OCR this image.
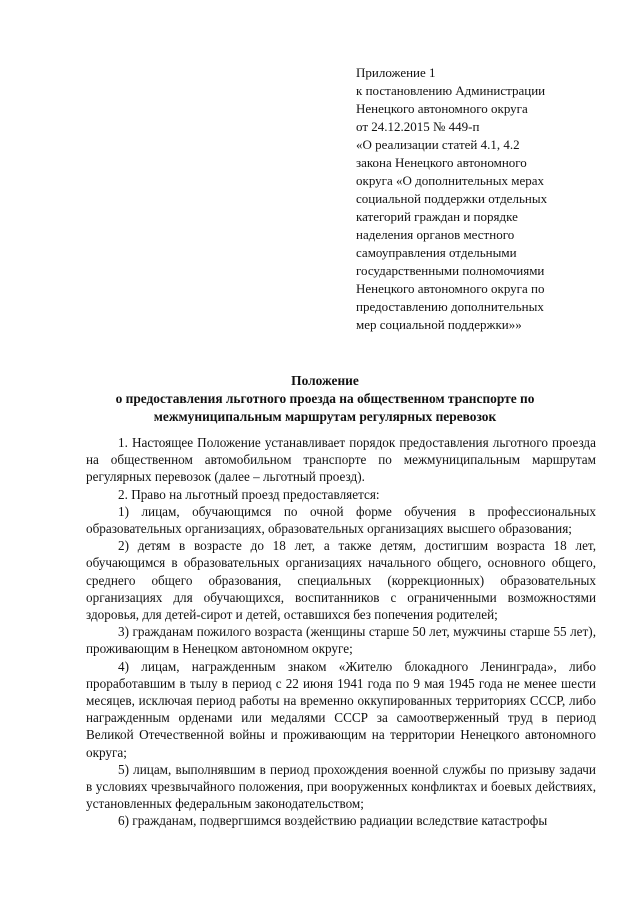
Приложение 1
к постановлению Администрации
Ненецкого автономного округа
от 24.12.2015 № 449-п
«О реализации статей 4.1, 4.2
закона Ненецкого автономного
округа «О дополнительных мерах
социальной поддержки отдельных
категорий граждан и порядке
наделения органов местного
самоуправления отдельными
государственными полномочиями
Ненецкого автономного округа по
предоставлению дополнительных
мер социальной поддержки»»
Положение
о предоставления льготного проезда на общественном транспорте по
межмуниципальным маршрутам регулярных перевозок

1. Настоящее Положение устанавливает порядок предоставления льготного проезда на общественном автомобильном транспорте по межмуниципальным маршрутам регулярных перевозок (далее – льготный проезд).

2. Право на льготный проезд предоставляется:

1) лицам, обучающимся по очной форме обучения в профессиональных образовательных организациях, образовательных организациях высшего образования;

2) детям в возрасте до 18 лет, а также детям, достигшим возраста 18 лет, обучающимся в образовательных организациях начального общего, основного общего, среднего общего образования, специальных (коррекционных) образовательных организациях для обучающихся, воспитанников с ограниченными возможностями здоровья, для детей-сирот и детей, оставшихся без попечения родителей;

3) гражданам пожилого возраста (женщины старше 50 лет, мужчины старше 55 лет), проживающим в Ненецком автономном округе;

4) лицам, награжденным знаком «Жителю блокадного Ленинграда», либо проработавшим в тылу в период с 22 июня 1941 года по 9 мая 1945 года не менее шести месяцев, исключая период работы на временно оккупированных территориях СССР, либо награжденным орденами или медалями СССР за самоотверженный труд в период Великой Отечественной войны и проживающим на территории Ненецкого автономного округа;

5) лицам, выполнявшим в период прохождения военной службы по призыву задачи в условиях чрезвычайного положения, при вооруженных конфликтах и боевых действиях, установленных федеральным законодательством;

6) гражданам, подвергшимся воздействию радиации вследствие катастрофы
